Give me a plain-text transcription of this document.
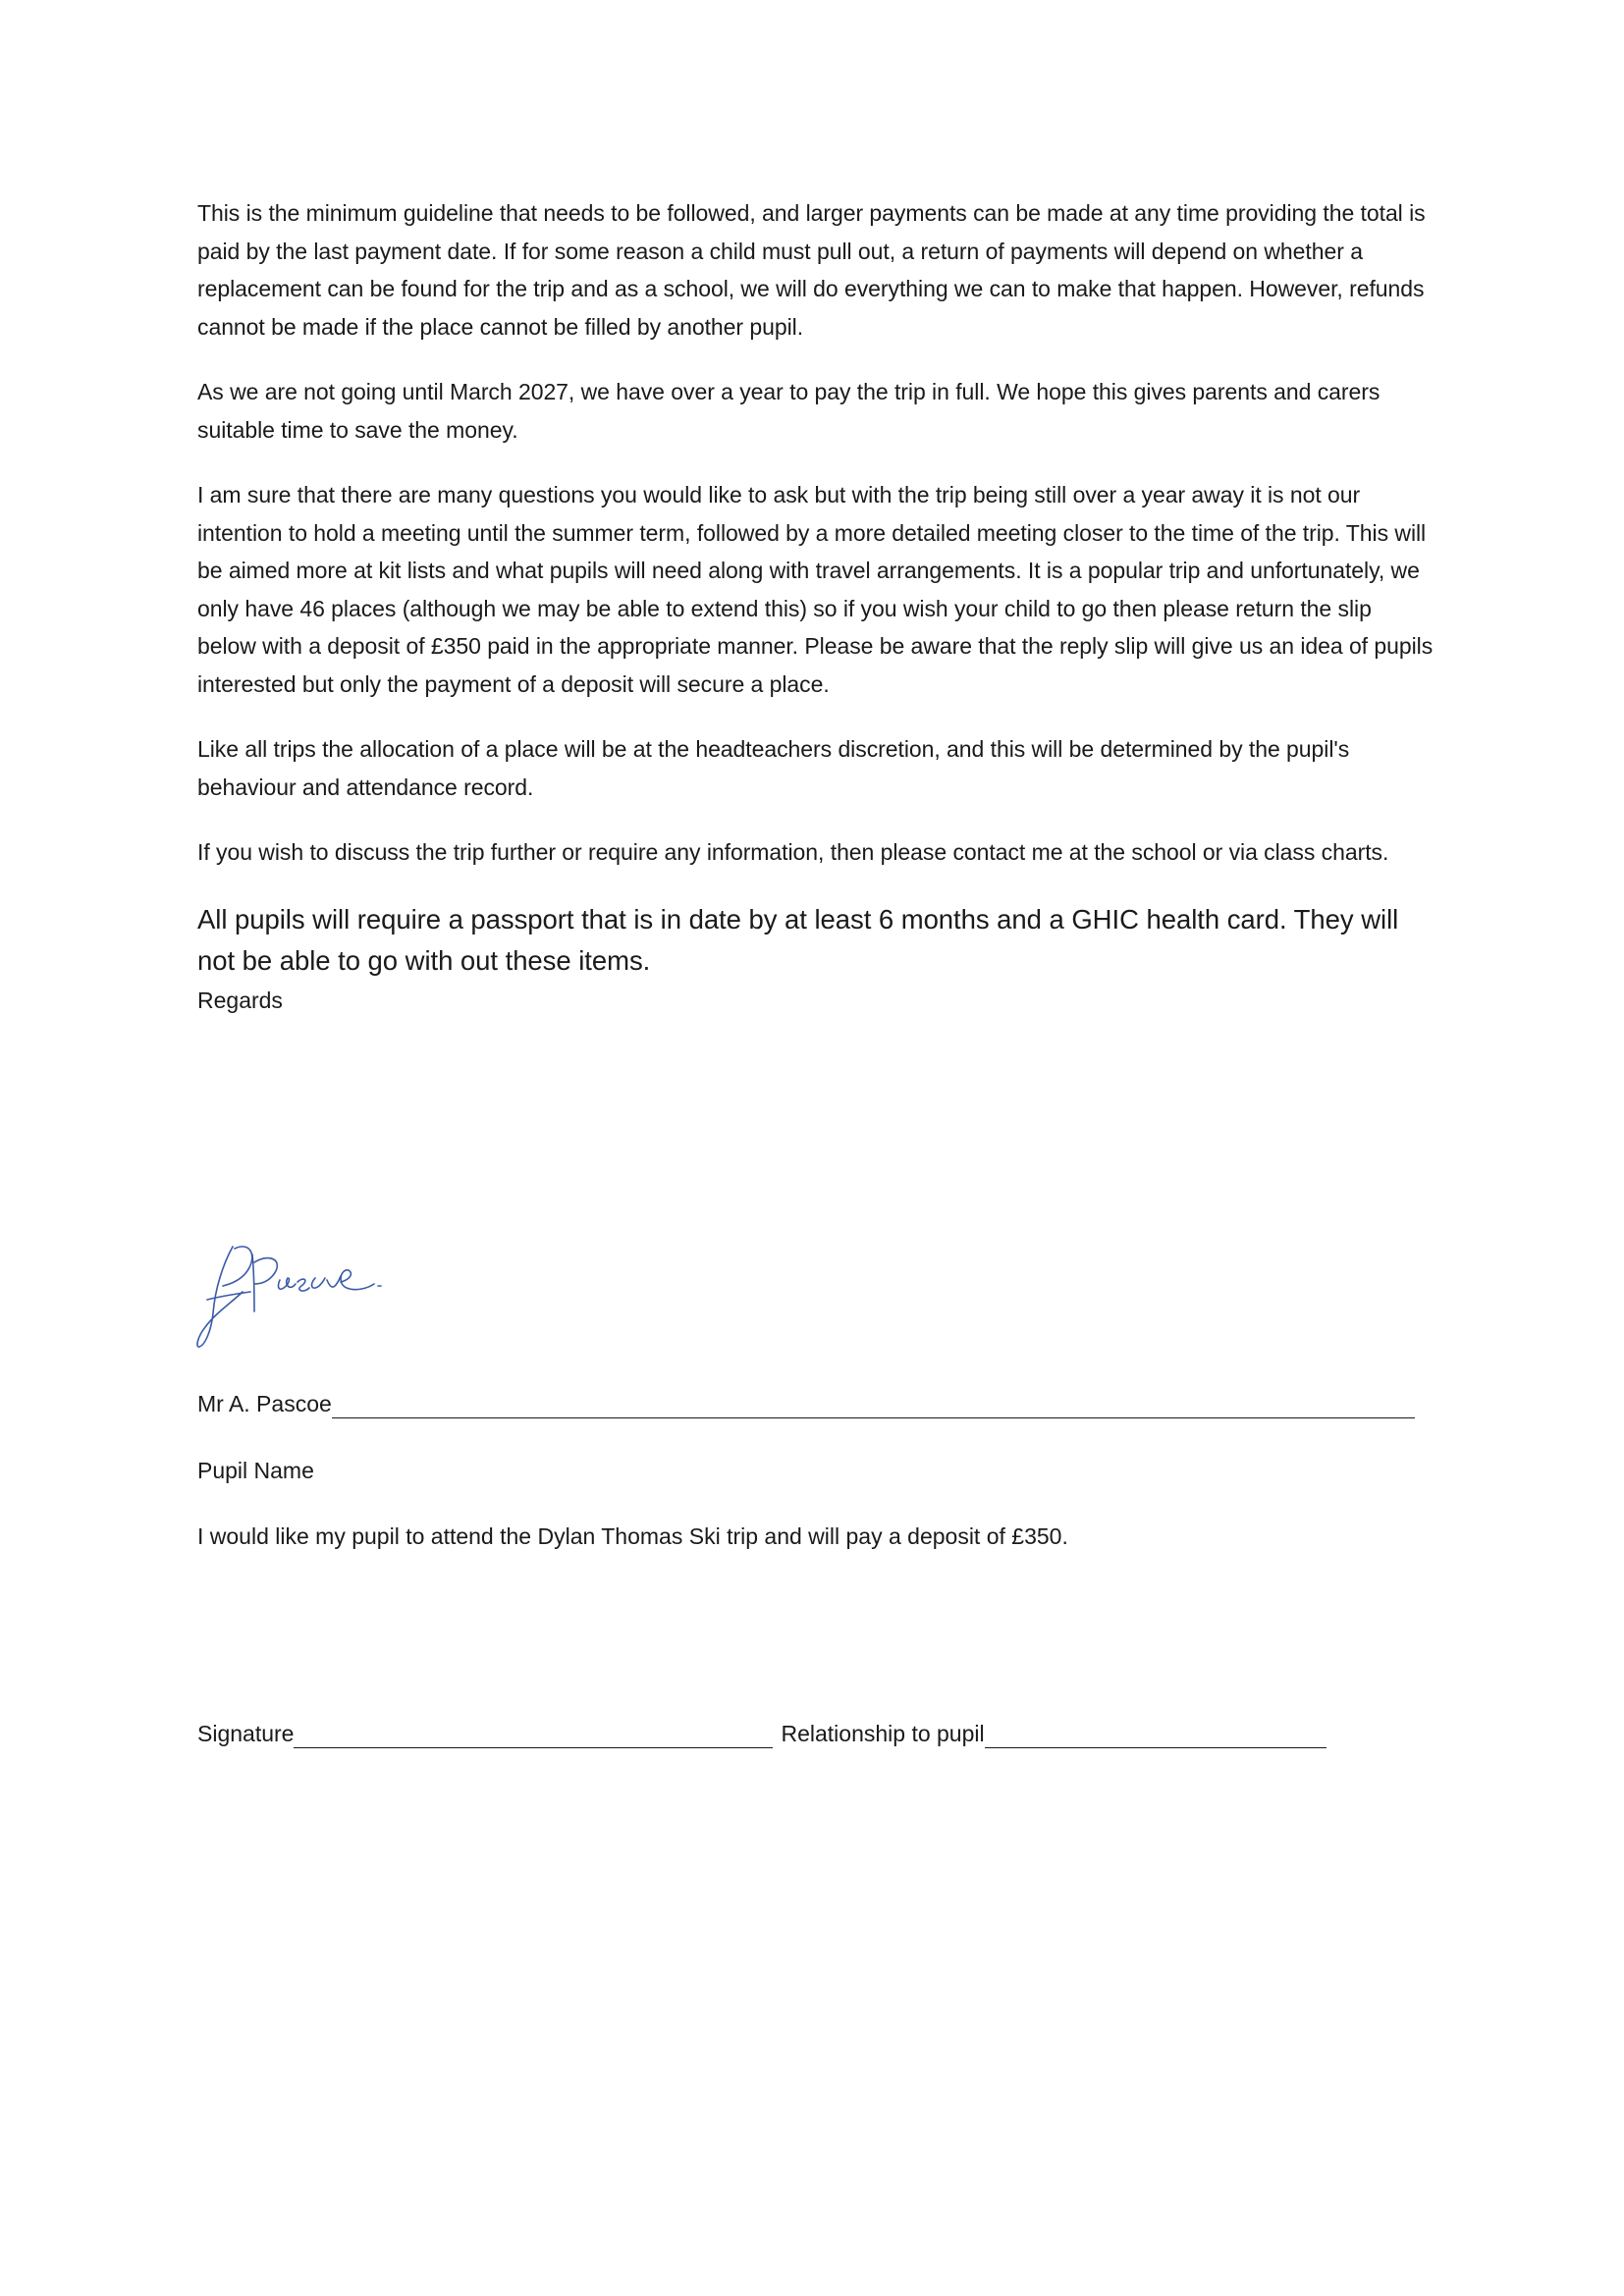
This is the minimum guideline that needs to be followed, and larger payments can be made at any time providing the total is paid by the last payment date. If for some reason a child must pull out, a return of payments will depend on whether a replacement can be found for the trip and as a school, we will do everything we can to make that happen. However, refunds cannot be made if the place cannot be filled by another pupil.

As we are not going until March 2027, we have over a year to pay the trip in full. We hope this gives parents and carers suitable time to save the money.

I am sure that there are many questions you would like to ask but with the trip being still over a year away it is not our intention to hold a meeting until the summer term, followed by a more detailed meeting closer to the time of the trip. This will be aimed more at kit lists and what pupils will need along with travel arrangements. It is a popular trip and unfortunately, we only have 46 places (although we may be able to extend this) so if you wish your child to go then please return the slip below with a deposit of £350 paid in the appropriate manner. Please be aware that the reply slip will give us an idea of pupils interested but only the payment of a deposit will secure a place.

Like all trips the allocation of a place will be at the headteachers discretion, and this will be determined by the pupil's behaviour and attendance record.

If you wish to discuss the trip further or require any information, then please contact me at the school or via class charts.

All pupils will require a passport that is in date by at least 6 months and a GHIC health card. They will not be able to go with out these items.

Regards

Mr A. Pascoe
Pupil Name
I would like my pupil to attend the Dylan Thomas Ski trip and will pay a deposit of £350.
Signature	Relationship to pupil
